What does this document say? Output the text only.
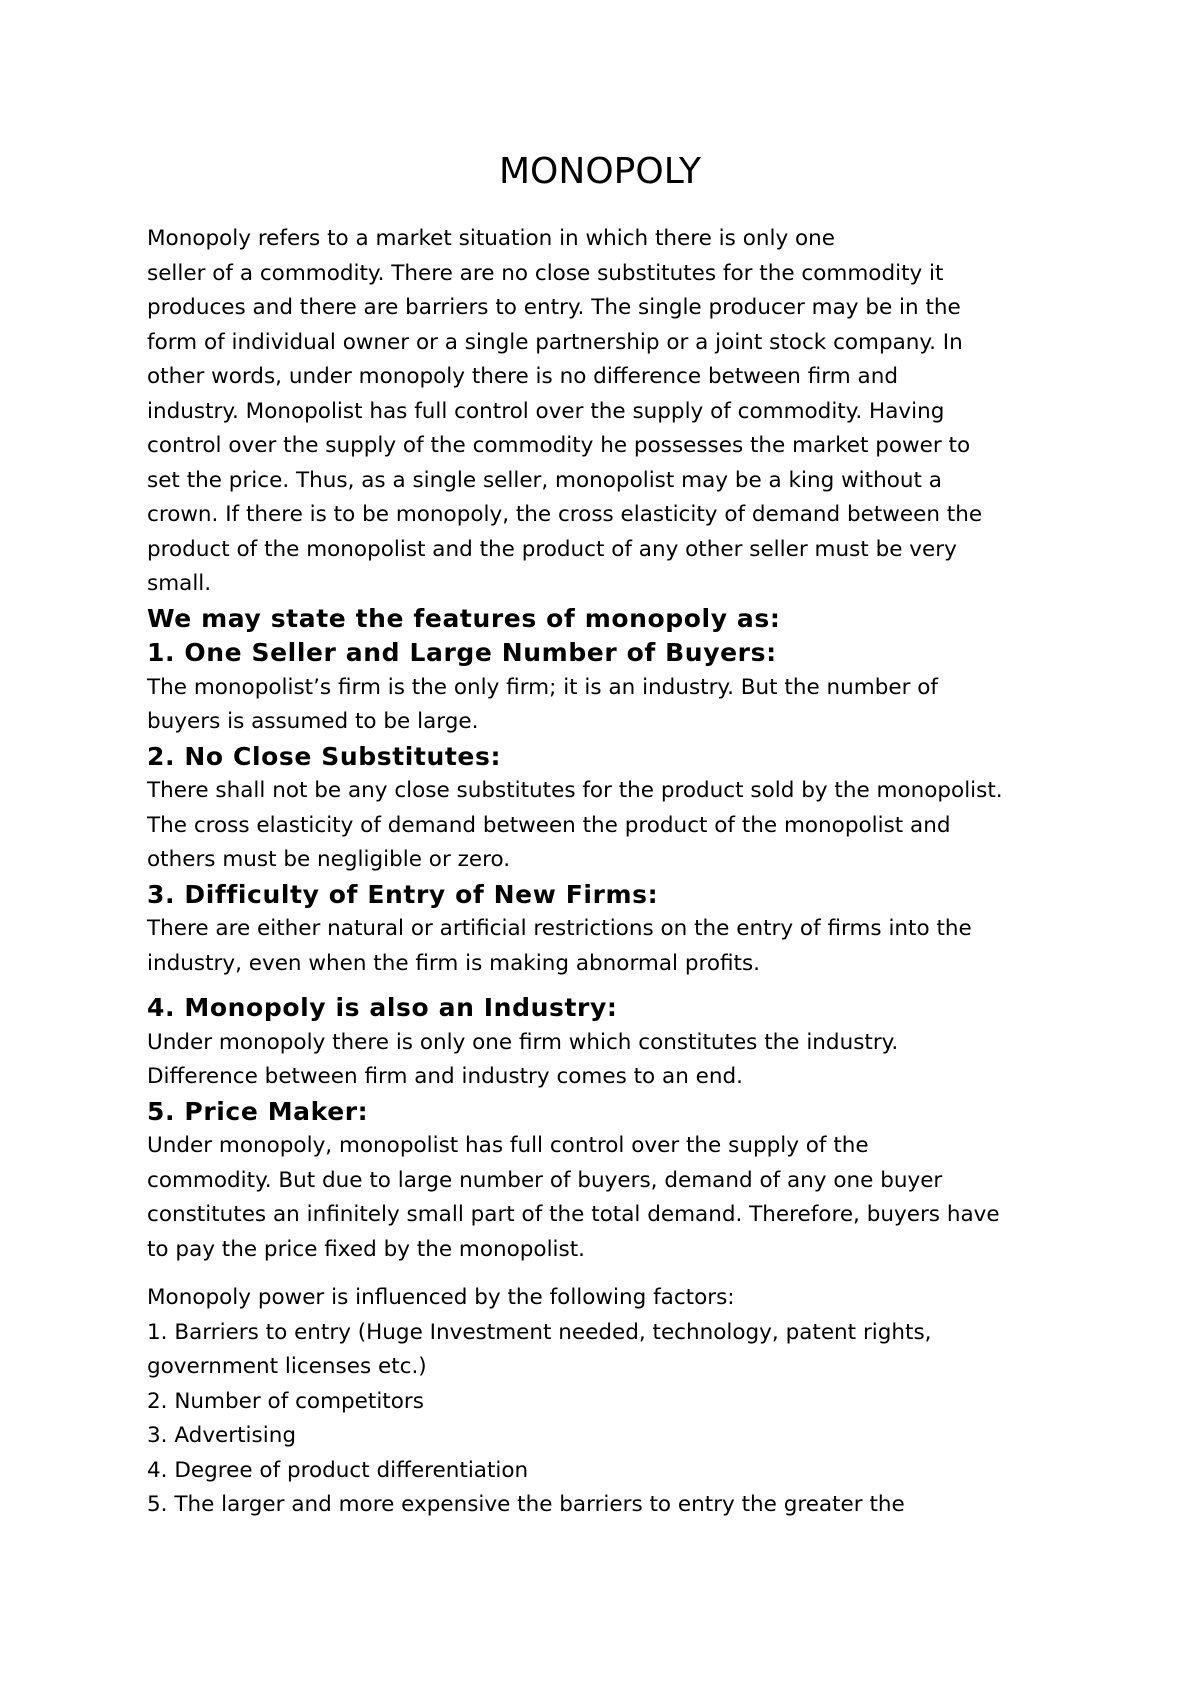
MONOPOLY
Monopoly refers to a market situation in which there is only one
seller of a commodity. There are no close substitutes for the commodity it
produces and there are barriers to entry. The single producer may be in the
form of individual owner or a single partnership or a joint stock company. In
other words, under monopoly there is no difference between firm and
industry. Monopolist has full control over the supply of commodity. Having
control over the supply of the commodity he possesses the market power to
set the price. Thus, as a single seller, monopolist may be a king without a
crown. If there is to be monopoly, the cross elasticity of demand between the
product of the monopolist and the product of any other seller must be very
small.
We may state the features of monopoly as:
1. One Seller and Large Number of Buyers:
The monopolist’s firm is the only firm; it is an industry. But the number of
buyers is assumed to be large.
2. No Close Substitutes:
There shall not be any close substitutes for the product sold by the monopolist.
The cross elasticity of demand between the product of the monopolist and
others must be negligible or zero.
3. Difficulty of Entry of New Firms:
There are either natural or artificial restrictions on the entry of firms into the
industry, even when the firm is making abnormal profits.
4. Monopoly is also an Industry:
Under monopoly there is only one firm which constitutes the industry.
Difference between firm and industry comes to an end.
5. Price Maker:
Under monopoly, monopolist has full control over the supply of the
commodity. But due to large number of buyers, demand of any one buyer
constitutes an infinitely small part of the total demand. Therefore, buyers have
to pay the price fixed by the monopolist.
Monopoly power is influenced by the following factors:
1. Barriers to entry (Huge Investment needed, technology, patent rights,
government licenses etc.)
2. Number of competitors
3. Advertising
4. Degree of product differentiation
5. The larger and more expensive the barriers to entry the greater the
